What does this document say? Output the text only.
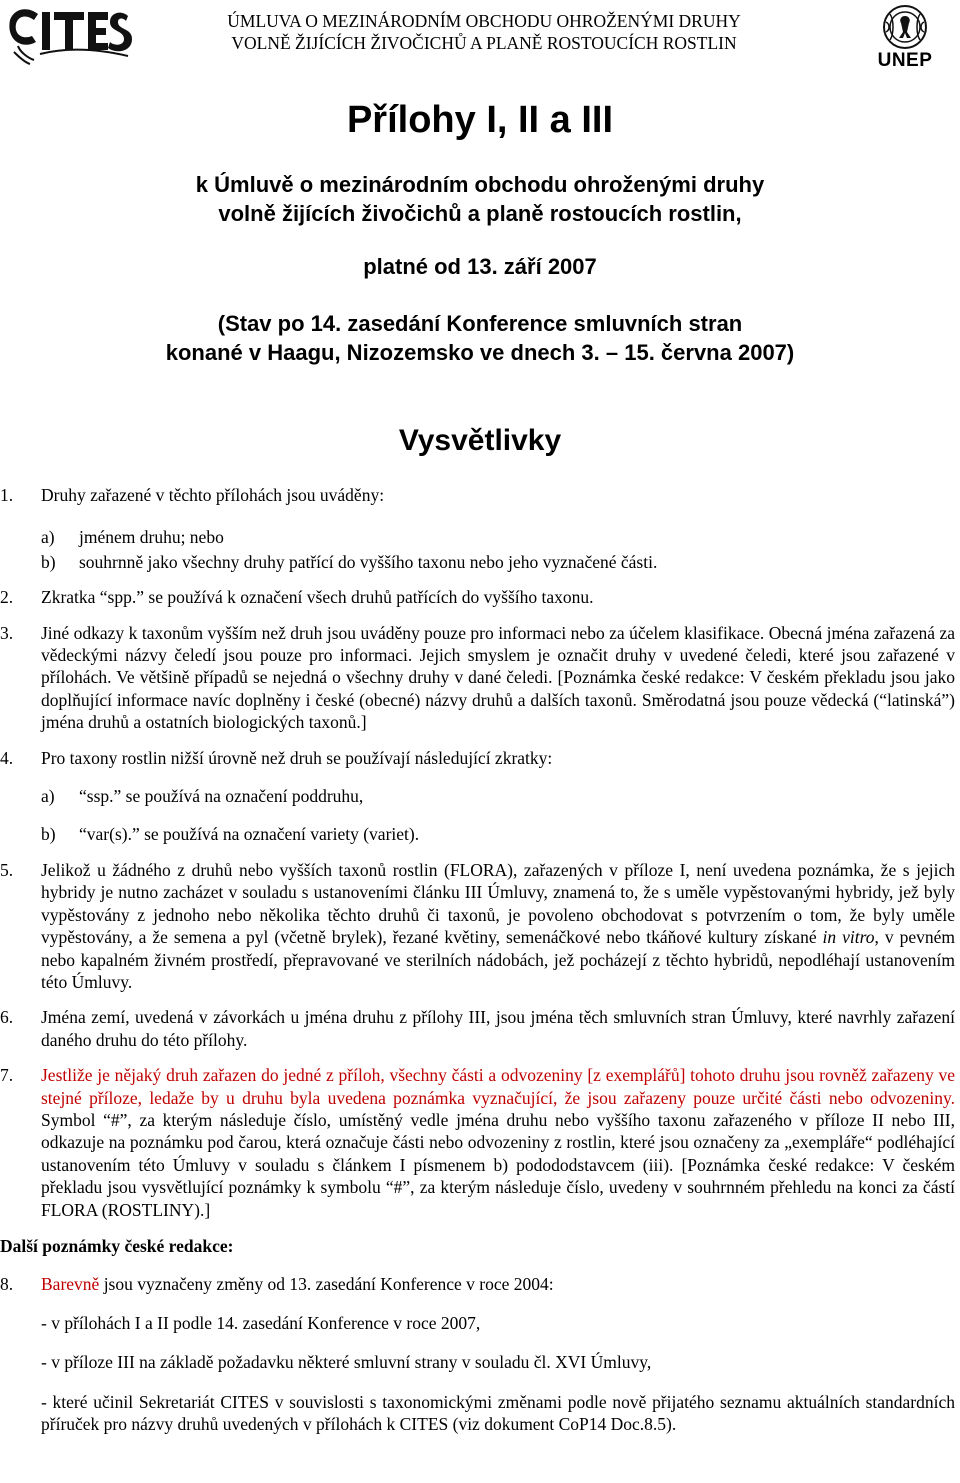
ÚMLUVA O MEZINÁRODNÍM OBCHODU OHROŽENÝMI DRUHY
VOLNĚ ŽIJÍCÍCH ŽIVOČICHŮ A PLANĚ ROSTOUCÍCH ROSTLIN
UNEP
Přílohy I, II a III
k Úmluvě o mezinárodním obchodu ohroženými druhy
volně žijících živočichů a planě rostoucích rostlin,
platné od 13. září 2007
(Stav po 14. zasedání Konference smluvních stran
konané v Haagu, Nizozemsko ve dnech 3. – 15. června 2007)
Vysvětlivky
1.	Druhy zařazené v těchto přílohách jsou uváděny:
a)	jménem druhu; nebo
b)	souhrnně jako všechny druhy patřící do vyššího taxonu nebo jeho vyznačené části.
2.	Zkratka “spp.” se používá k označení všech druhů patřících do vyššího taxonu.
3.	Jiné odkazy k taxonům vyšším než druh jsou uváděny pouze pro informaci nebo za účelem klasifikace. Obecná jména zařazená za vědeckými názvy čeledí jsou pouze pro informaci. Jejich smyslem je označit druhy v uvedené čeledi, které jsou zařazené v přílohách. Ve většině případů se nejedná o všechny druhy v dané čeledi. [Poznámka české redakce: V českém překladu jsou jako doplňující informace navíc doplněny i české (obecné) názvy druhů a dalších taxonů. Směrodatná jsou pouze vědecká (“latinská”) jména druhů a ostatních biologických taxonů.]
4.	Pro taxony rostlin nižší úrovně než druh se používají následující zkratky:
a)	“ssp.” se používá na označení poddruhu,
b)	“var(s).” se používá na označení variety (variet).
5.	Jelikož u žádného z druhů nebo vyšších taxonů rostlin (FLORA), zařazených v příloze I, není uvedena poznámka, že s jejich hybridy je nutno zacházet v souladu s ustanoveními článku III Úmluvy, znamená to, že s uměle vypěstovanými hybridy, jež byly vypěstovány z jednoho nebo několika těchto druhů či taxonů, je povoleno obchodovat s potvrzením o tom, že byly uměle vypěstovány, a že semena a pyl (včetně brylek), řezané květiny, semenáčkové nebo tkáňové kultury získané in vitro, v pevném nebo kapalném živném prostředí, přepravované ve sterilních nádobách, jež pocházejí z těchto hybridů, nepodléhají ustanovením této Úmluvy.
6.	Jména zemí, uvedená v závorkách u jména druhu z přílohy III, jsou jména těch smluvních stran Úmluvy, které navrhly zařazení daného druhu do této přílohy.
7.	Jestliže je nějaký druh zařazen do jedné z příloh, všechny části a odvozeniny [z exemplářů] tohoto druhu jsou rovněž zařazeny ve stejné příloze, ledaže by u druhu byla uvedena poznámka vyznačující, že jsou zařazeny pouze určité části nebo odvozeniny. Symbol “#”, za kterým následuje číslo, umístěný vedle jména druhu nebo vyššího taxonu zařazeného v příloze II nebo III, odkazuje na poznámku pod čarou, která označuje části nebo odvozeniny z rostlin, které jsou označeny za „exempláře“ podléhající ustanovením této Úmluvy v souladu s článkem I písmenem b) podododstavcem (iii). [Poznámka české redakce: V českém překladu jsou vysvětlující poznámky k symbolu “#”, za kterým následuje číslo, uvedeny v souhrnném přehledu na konci za částí FLORA (ROSTLINY).]
Další poznámky české redakce:
8.	Barevně jsou vyznačeny změny od 13. zasedání Konference v roce 2004:
- v přílohách I a II podle 14. zasedání Konference v roce 2007,
- v příloze III na základě požadavku některé smluvní strany v souladu čl. XVI Úmluvy,
- které učinil Sekretariát CITES v souvislosti s taxonomickými změnami podle nově přijatého seznamu aktuálních standardních příruček pro názvy druhů uvedených v přílohách k CITES (viz dokument CoP14 Doc.8.5).
